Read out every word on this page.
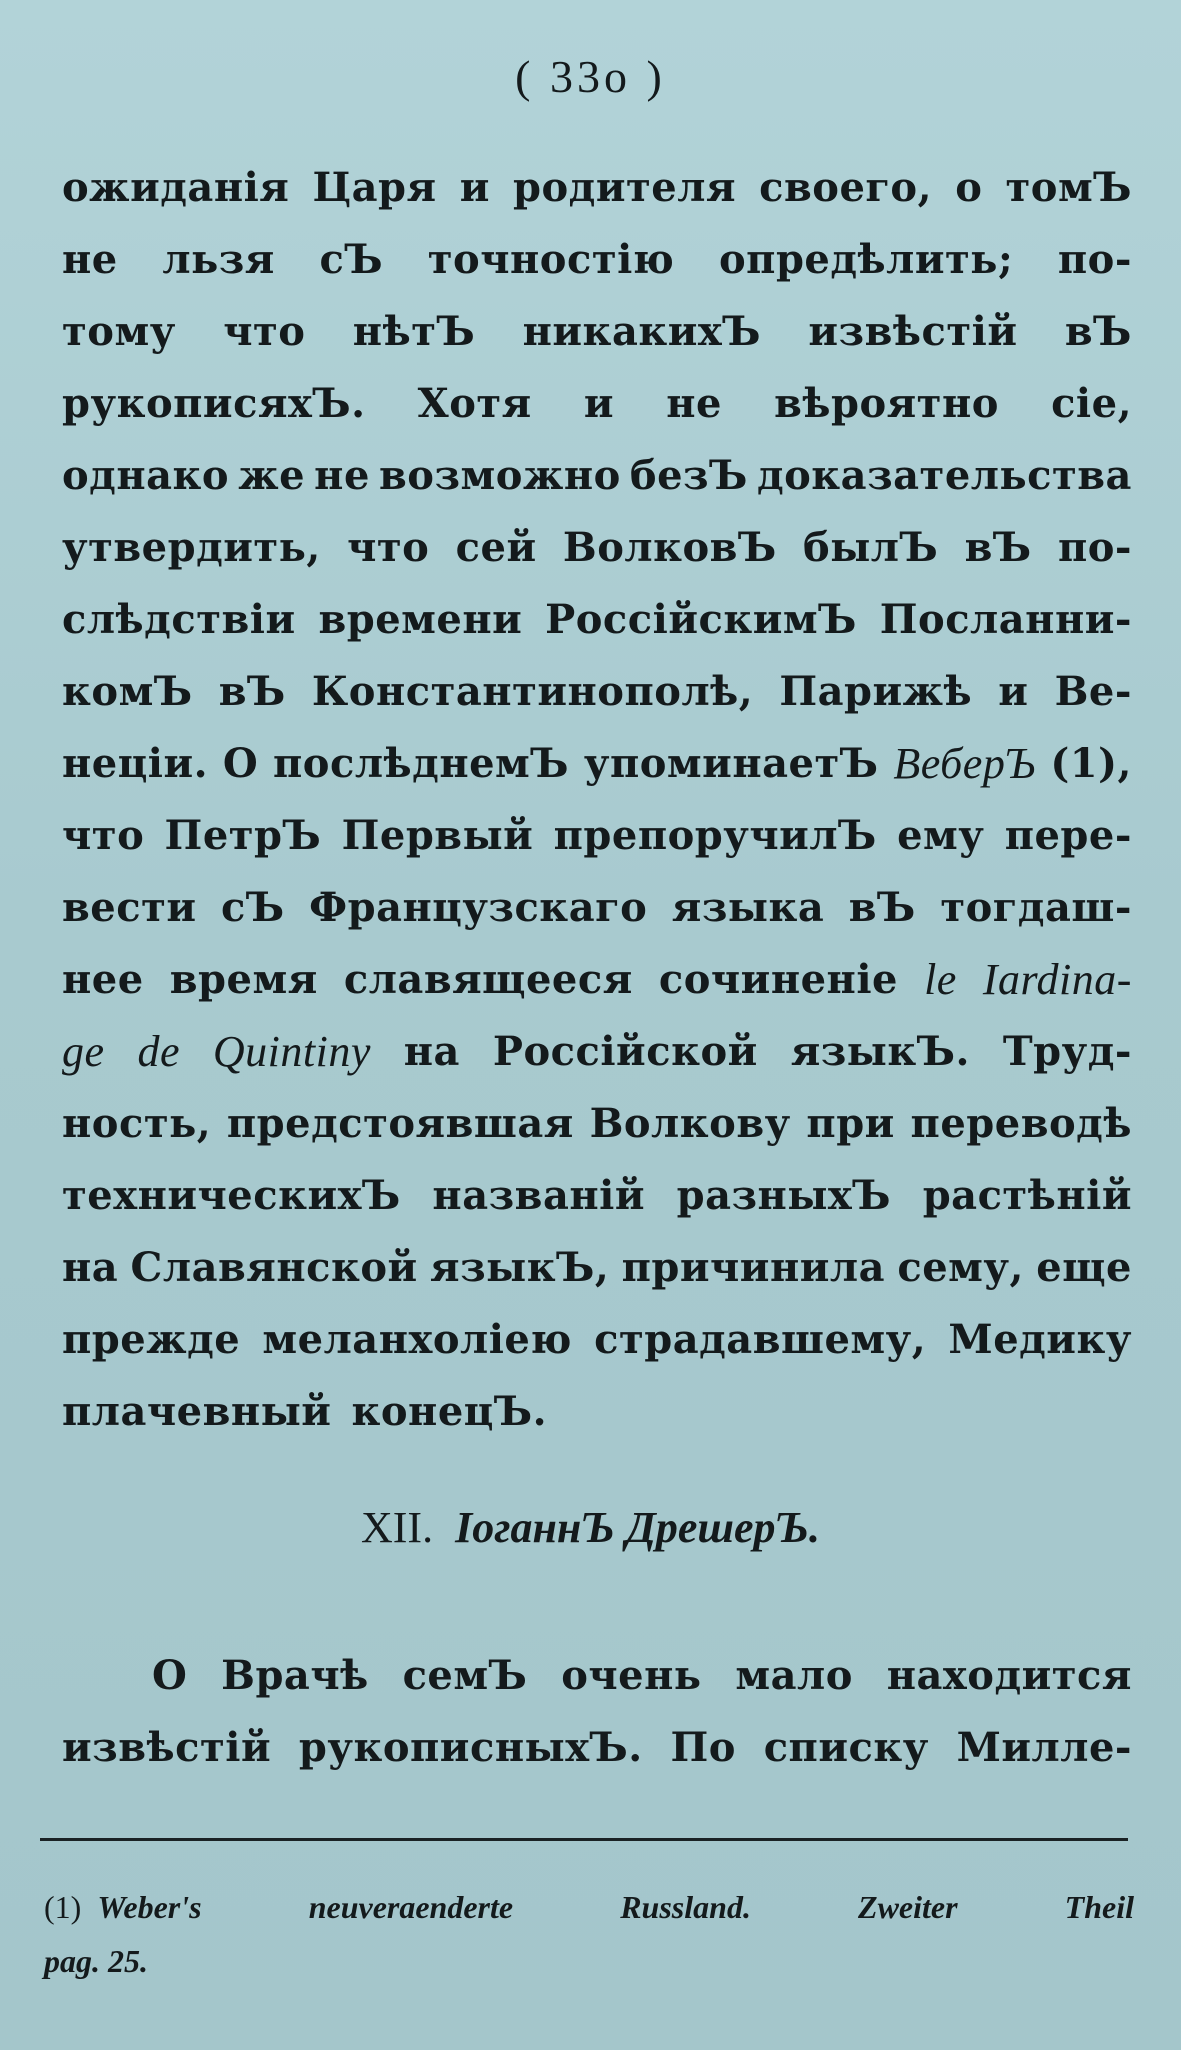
( 33o )
ожиданія Царя и родителя своего, о томЪ
не льзя сЪ точностію опредѣлить; по-
тому что нѣтЪ никакихЪ извѣстій вЪ
рукописяхЪ. Хотя и не вѣроятно сіе,
однако же не возможно безЪ доказательства
утвердить, что сей ВолковЪ былЪ вЪ по-
слѣдствіи времени РоссійскимЪ Посланни-
комЪ вЪ Константинополѣ, Парижѣ и Ве-
неціи. О послѣднемЪ упоминаетЪ ВеберЪ (1),
что ПетрЪ Первый препоручилЪ ему пере-
вести сЪ Французскаго языка вЪ тогдаш-
нее время славящееся сочиненіе le Iardina-
ge de Quintiny на Россійской языкЪ. Труд-
ность, предстоявшая Волкову при переводѣ
техническихЪ названій разныхЪ растѣній
на Славянской языкЪ, причинила сему, еще
прежде меланхоліею страдавшему, Медику
плачевный конецЪ.
XII. ІоганнЪ ДрешерЪ.
О Врачѣ семЪ очень мало находится
извѣстій рукописныхЪ. По списку Милле-
(1) Weber's neuveraenderte Russland. Zweiter Theil
pag. 25.
